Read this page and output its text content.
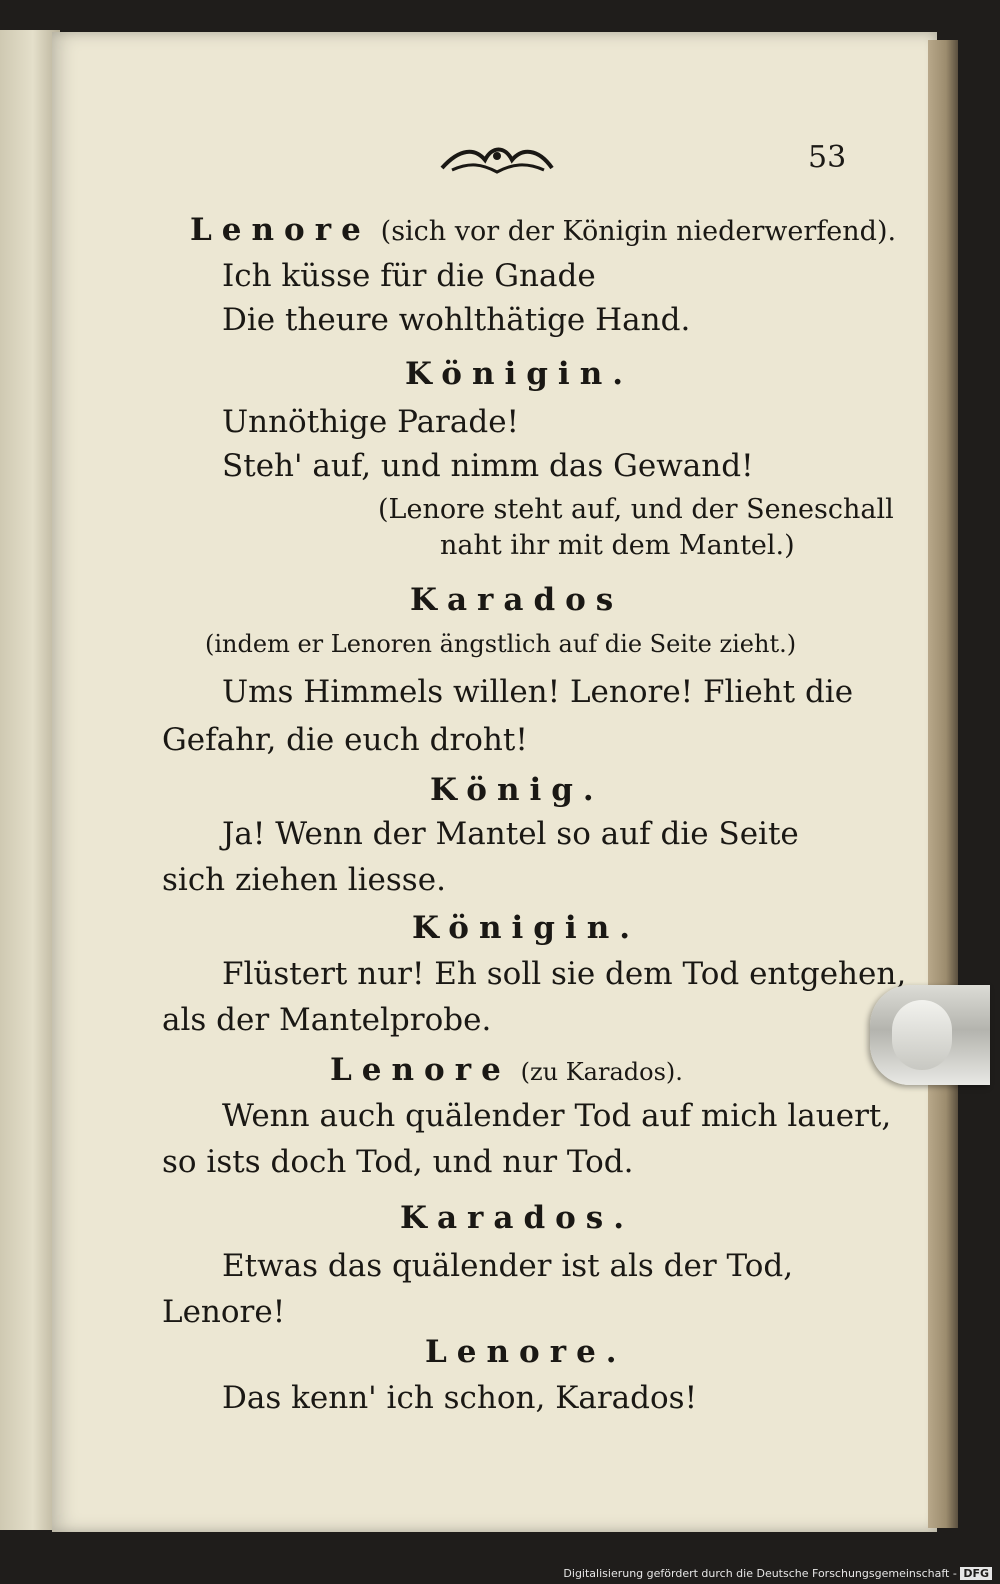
53
Lenore (sich vor der Königin niederwerfend).
Ich küsse für die Gnade
Die theure wohlthätige Hand.
Königin.
Unnöthige Parade!
Steh' auf, und nimm das Gewand!
(Lenore steht auf, und der Seneschall
naht ihr mit dem Mantel.)
Karados
(indem er Lenoren ängstlich auf die Seite zieht.)
Ums Himmels willen! Lenore! Flieht die
Gefahr, die euch droht!
König.
Ja! Wenn der Mantel so auf die Seite
sich ziehen liesse.
Königin.
Flüstert nur! Eh soll sie dem Tod entgehen,
als der Mantelprobe.
Lenore (zu Karados).
Wenn auch quälender Tod auf mich lauert,
so ists doch Tod, und nur Tod.
Karados.
Etwas das quälender ist als der Tod,
Lenore!
Lenore.
Das kenn' ich schon, Karados!
Digitalisierung gefördert durch die Deutsche Forschungsgemeinschaft - DFG
